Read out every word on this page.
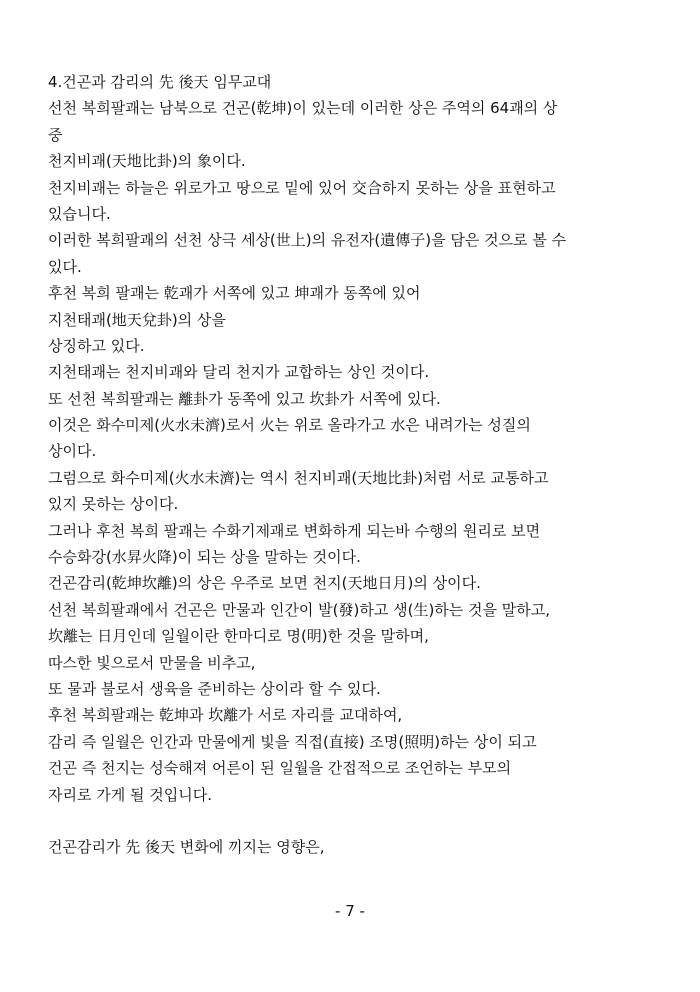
4.건곤과 감리의 先 後天 임무교대
선천 복희팔괘는 남북으로 건곤(乾坤)이 있는데 이러한 상은 주역의 64괘의 상
중
천지비괘(天地比卦)의 象이다.
천지비괘는 하늘은 위로가고 땅으로 밑에 있어 交合하지 못하는 상을 표현하고
있습니다.
이러한 복희팔괘의 선천 상극 세상(世上)의 유전자(遺傳子)을 담은 것으로 볼 수
있다.
후천 복희 팔괘는 乾괘가 서쪽에 있고 坤괘가 동쪽에 있어
지천태괘(地天兌卦)의 상을
상징하고 있다.
지천태괘는 천지비괘와 달리 천지가 교합하는 상인 것이다.
또 선천 복희팔괘는 離卦가 동쪽에 있고 坎卦가 서쪽에 있다.
이것은 화수미제(火水未濟)로서 火는 위로 올라가고 水은 내려가는 성질의
상이다.
그럼으로 화수미제(火水未濟)는 역시 천지비괘(天地比卦)처럼 서로 교통하고
있지 못하는 상이다.
그러나 후천 복희 팔괘는 수화기제괘로 변화하게 되는바 수행의 원리로 보면
수승화강(水昇火降)이 되는 상을 말하는 것이다.
건곤감리(乾坤坎離)의 상은 우주로 보면 천지(天地日月)의 상이다.
선천 복희팔괘에서 건곤은 만물과 인간이 발(發)하고 생(生)하는 것을 말하고,
坎離는 日月인데 일월이란 한마디로 명(明)한 것을 말하며,
따스한 빛으로서 만물을 비추고,
또 물과 불로서 생육을 준비하는 상이라 할 수 있다.
후천 복희팔괘는 乾坤과 坎離가 서로 자리를 교대하여,
감리 즉 일월은 인간과 만물에게 빛을 직접(直接) 조명(照明)하는 상이 되고
건곤 즉 천지는 성숙해져 어른이 된 일월을 간접적으로 조언하는 부모의
자리로 가게 될 것입니다.
건곤감리가 先 後天 변화에 끼지는 영향은,
- 7 -
